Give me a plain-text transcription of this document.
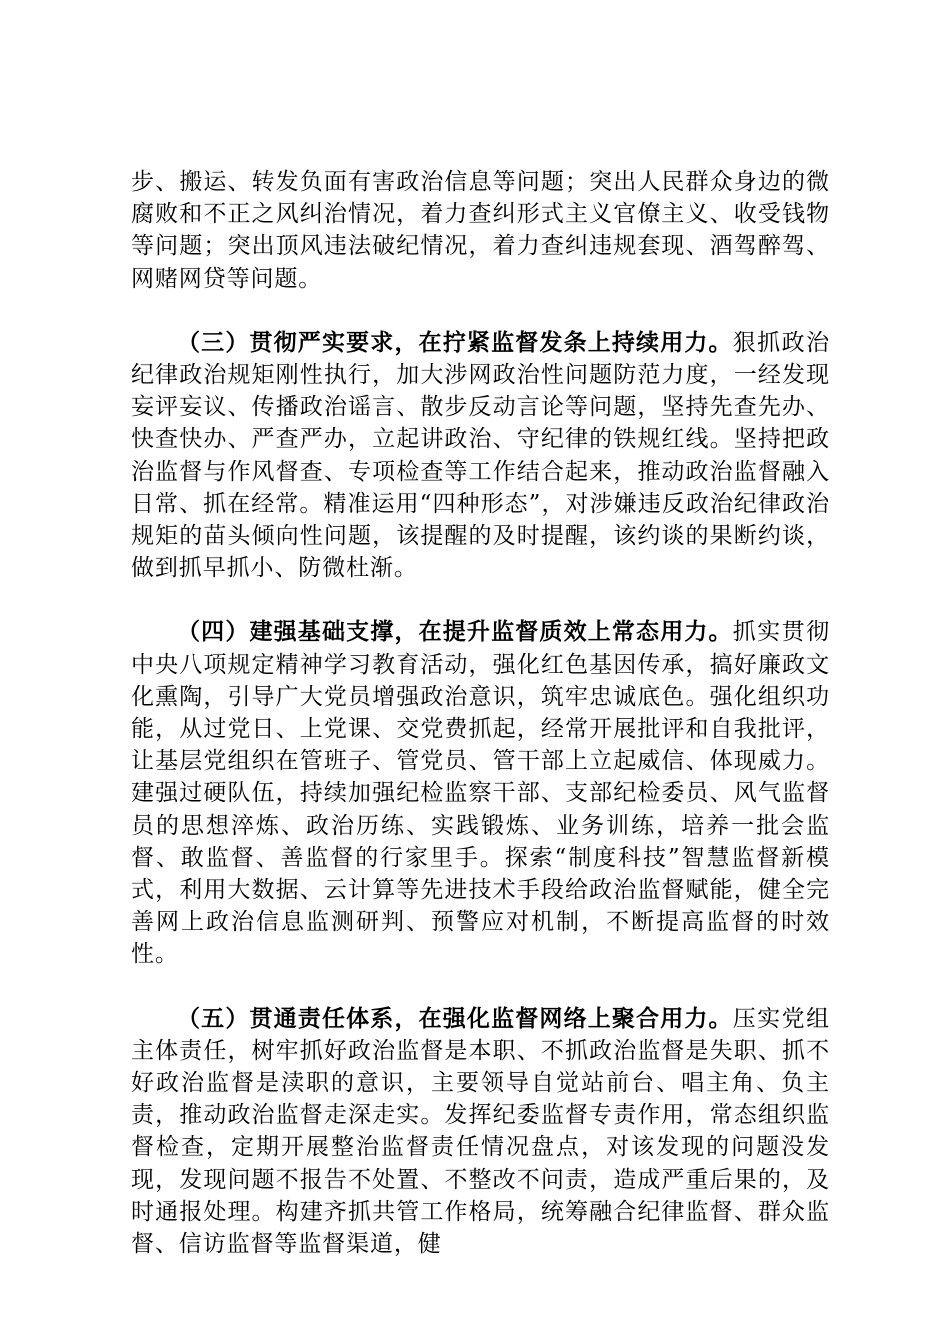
步、搬运、转发负面有害政治信息等问题；突出人民群众身边的微腐败和不正之风纠治情况，着力查纠形式主义官僚主义、收受钱物等问题；突出顶风违法破纪情况，着力查纠违规套现、酒驾醉驾、网赌网贷等问题。

（三）贯彻严实要求，在拧紧监督发条上持续用力。狠抓政治纪律政治规矩刚性执行，加大涉网政治性问题防范力度，一经发现妄评妄议、传播政治谣言、散步反动言论等问题，坚持先查先办、快查快办、严查严办，立起讲政治、守纪律的铁规红线。坚持把政治监督与作风督查、专项检查等工作结合起来，推动政治监督融入日常、抓在经常。精准运用“四种形态”，对涉嫌违反政治纪律政治规矩的苗头倾向性问题，该提醒的及时提醒，该约谈的果断约谈，做到抓早抓小、防微杜渐。

（四）建强基础支撑，在提升监督质效上常态用力。抓实贯彻中央八项规定精神学习教育活动，强化红色基因传承，搞好廉政文化熏陶，引导广大党员增强政治意识，筑牢忠诚底色。强化组织功能，从过党日、上党课、交党费抓起，经常开展批评和自我批评，让基层党组织在管班子、管党员、管干部上立起威信、体现威力。建强过硬队伍，持续加强纪检监察干部、支部纪检委员、风气监督员的思想淬炼、政治历练、实践锻炼、业务训练，培养一批会监督、敢监督、善监督的行家里手。探索“制度科技”智慧监督新模式，利用大数据、云计算等先进技术手段给政治监督赋能，健全完善网上政治信息监测研判、预警应对机制，不断提高监督的时效性。

（五）贯通责任体系，在强化监督网络上聚合用力。压实党组主体责任，树牢抓好政治监督是本职、不抓政治监督是失职、抓不好政治监督是渎职的意识，主要领导自觉站前台、唱主角、负主责，推动政治监督走深走实。发挥纪委监督专责作用，常态组织监督检查，定期开展整治监督责任情况盘点，对该发现的问题没发现，发现问题不报告不处置、不整改不问责，造成严重后果的，及时通报处理。构建齐抓共管工作格局，统筹融合纪律监督、群众监督、信访监督等监督渠道，健
